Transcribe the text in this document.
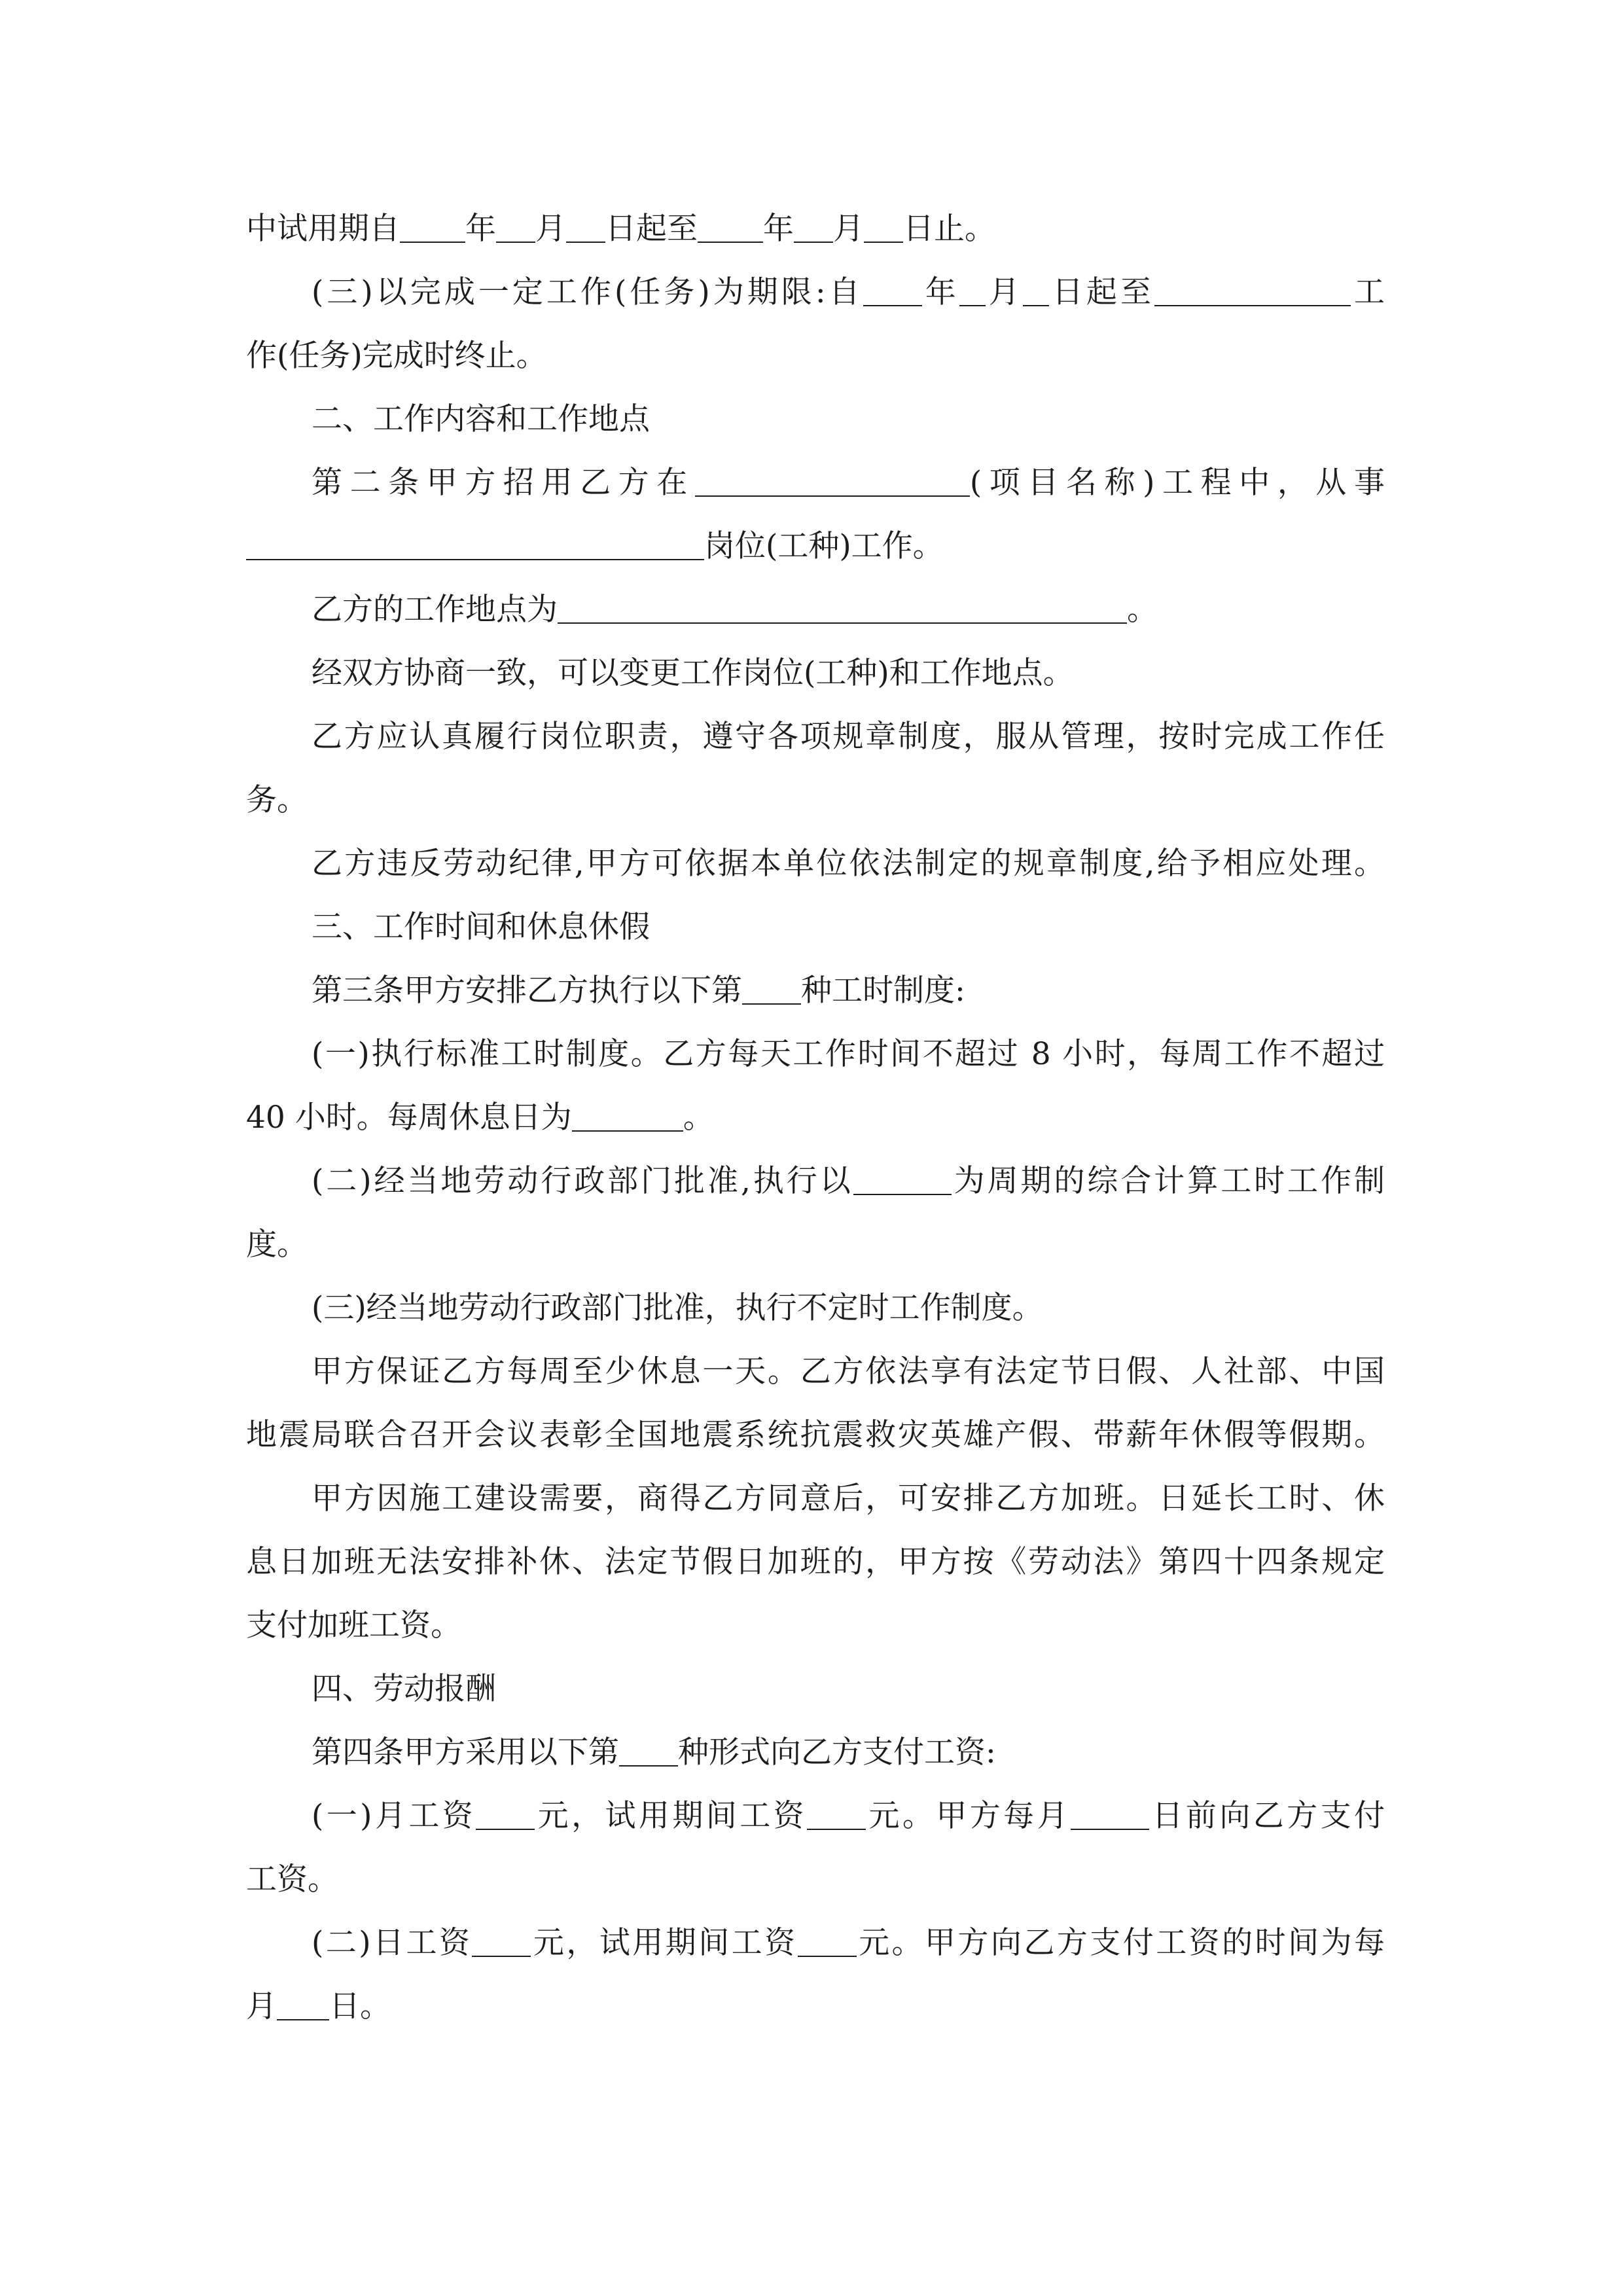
中试用期自 年 月 日起至 年 月 日止。
(三)以完成一定工作(任务)为期限:自 年 月 日起至	工
作(任务)完成时终止。
二、工作内容和工作地点
第二条甲方招用乙方在	(项目名称)工程中，从事
岗位(工种)工作。
乙方的工作地点为	。
经双方协商一致，可以变更工作岗位(工种)和工作地点。
乙方应认真履行岗位职责，遵守各项规章制度，服从管理，按时完成工作任
务。
乙方违反劳动纪律,甲方可依据本单位依法制定的规章制度,给予相应处理。
三、工作时间和休息休假
第三条甲方安排乙方执行以下第 种工时制度:
(一)执行标准工时制度。乙方每天工作时间不超过 8 小时，每周工作不超过
40 小时。每周休息日为	。
(二)经当地劳动行政部门批准,执行以	为周期的综合计算工时工作制
度。
(三)经当地劳动行政部门批准，执行不定时工作制度。
甲方保证乙方每周至少休息一天。乙方依法享有法定节日假、人社部、中国
地震局联合召开会议表彰全国地震系统抗震救灾英雄产假、带薪年休假等假期。
甲方因施工建设需要，商得乙方同意后，可安排乙方加班。日延长工时、休
息日加班无法安排补休、法定节假日加班的，甲方按《劳动法》第四十四条规定
支付加班工资。
四、劳动报酬
第四条甲方采用以下第 种形式向乙方支付工资:
(一)月工资 元，试用期间工资 元。甲方每月	日前向乙方支付
工资。
(二)日工资 元，试用期间工资 元。甲方向乙方支付工资的时间为每
月 日。
